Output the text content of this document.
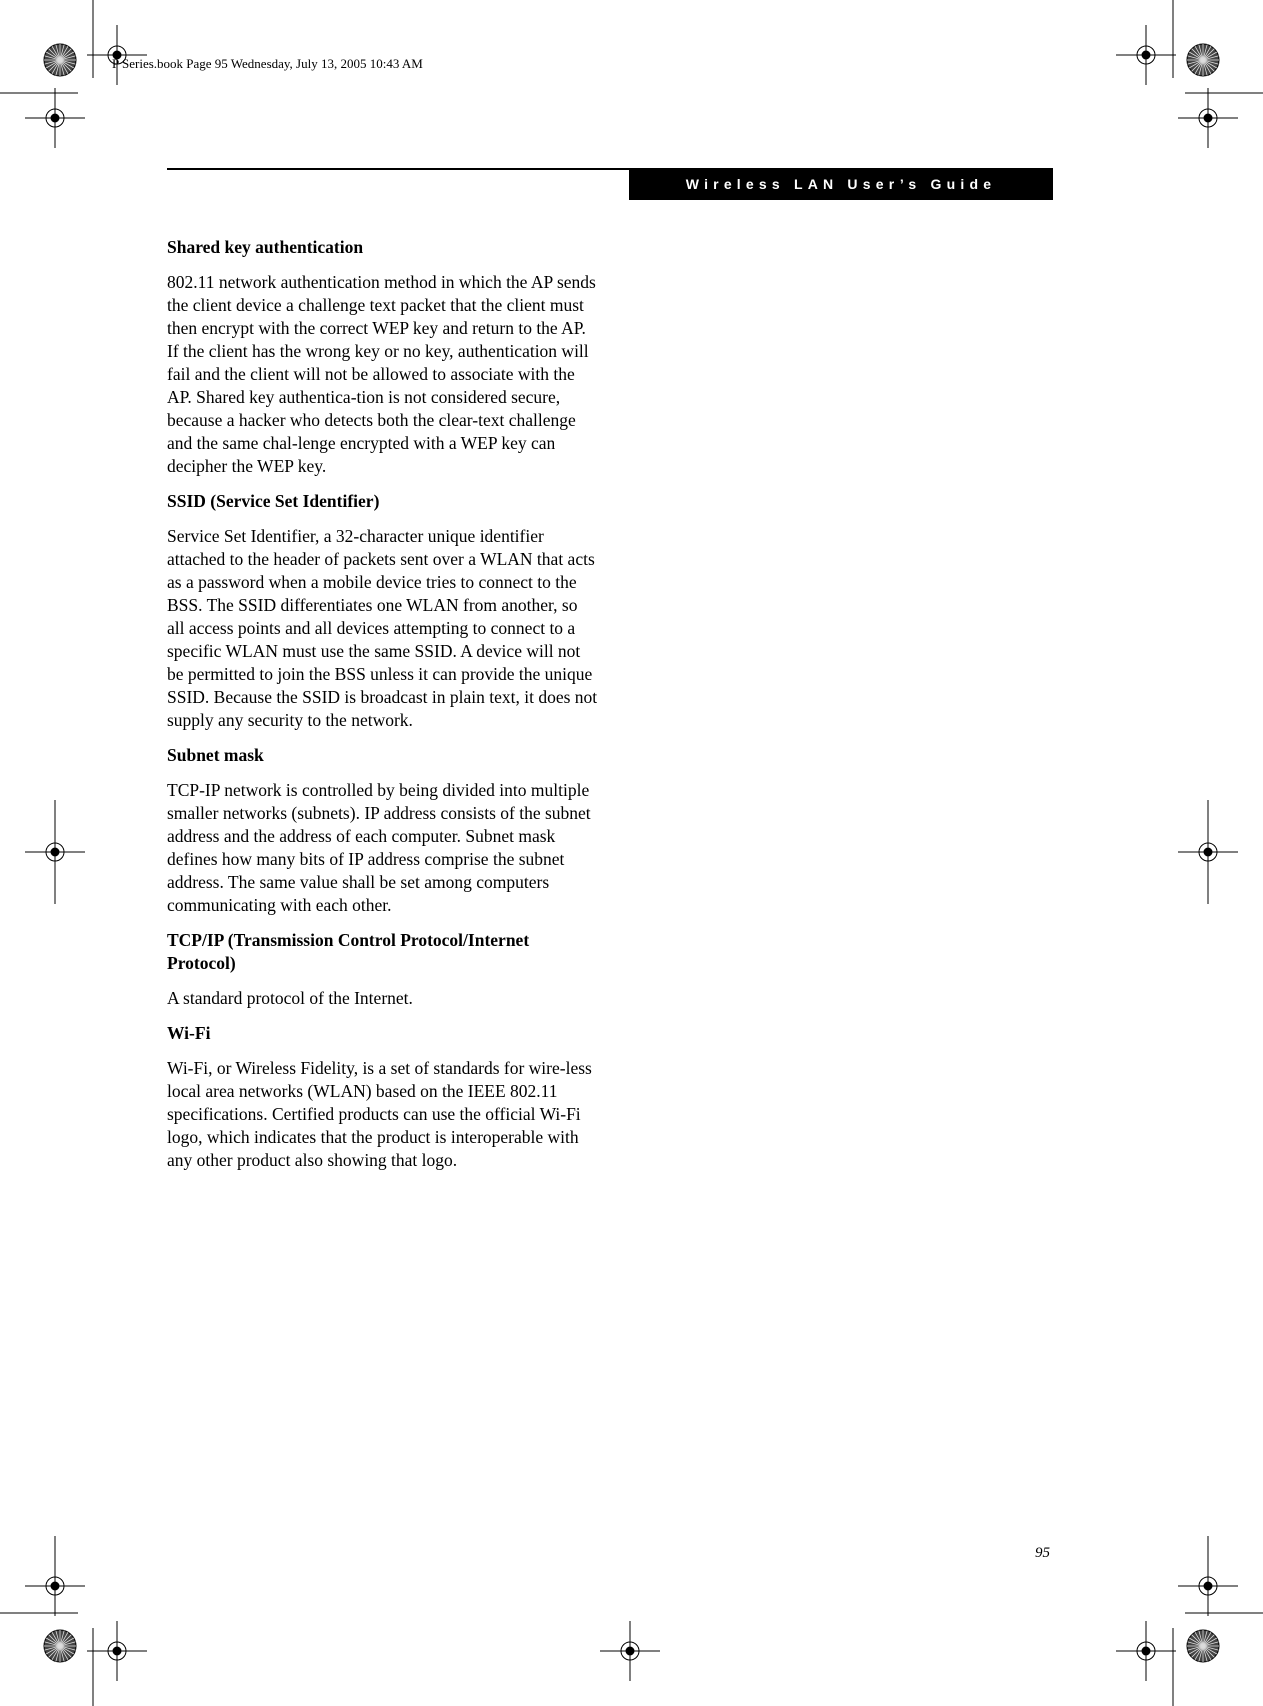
P Series.book Page 95 Wednesday, July 13, 2005 10:43 AM
Wireless LAN User’s Guide
Shared key authentication
802.11 network authentication method in which the AP sends the client device a challenge text packet that the client must then encrypt with the correct WEP key and return to the AP. If the client has the wrong key or no key, authentication will fail and the client will not be allowed to associate with the AP. Shared key authentica-tion is not considered secure, because a hacker who detects both the clear-text challenge and the same chal-lenge encrypted with a WEP key can decipher the WEP key.
SSID (Service Set Identifier)
Service Set Identifier, a 32-character unique identifier attached to the header of packets sent over a WLAN that acts as a password when a mobile device tries to connect to the BSS. The SSID differentiates one WLAN from another, so all access points and all devices attempting to connect to a specific WLAN must use the same SSID. A device will not be permitted to join the BSS unless it can provide the unique SSID. Because the SSID is broadcast in plain text, it does not supply any security to the network.
Subnet mask
TCP-IP network is controlled by being divided into multiple smaller networks (subnets). IP address consists of the subnet address and the address of each computer. Subnet mask defines how many bits of IP address comprise the subnet address. The same value shall be set among computers communicating with each other.
TCP/IP (Transmission Control Protocol/Internet Protocol)
A standard protocol of the Internet.
Wi-Fi
Wi-Fi, or Wireless Fidelity, is a set of standards for wire-less local area networks (WLAN) based on the IEEE 802.11 specifications. Certified products can use the official Wi-Fi logo, which indicates that the product is interoperable with any other product also showing that logo.
95
